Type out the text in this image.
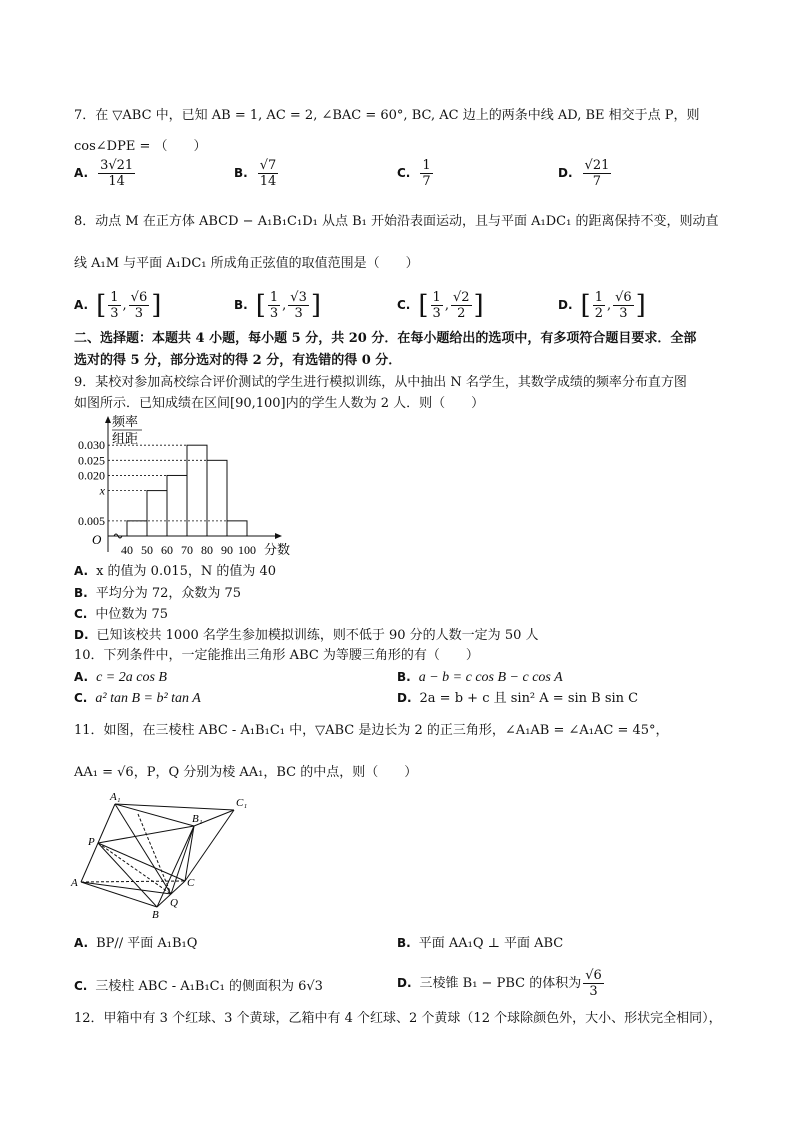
7．在 ▽ABC 中，已知 AB = 1, AC = 2, ∠BAC = 60°, BC, AC 边上的两条中线 AD, BE 相交于点 P，则
cos∠DPE = （　　）
A. $\frac{3√21}{14}$	B. $\frac{√7}{14}$	C. $\frac{1}{7}$	D. $\frac{√21}{7}$
8．动点 M 在正方体 ABCD − A₁B₁C₁D₁ 从点 B₁ 开始沿表面运动，且与平面 A₁DC₁ 的距离保持不变，则动直
线 A₁M 与平面 A₁DC₁ 所成角正弦值的取值范围是（　　）
A. [ $\frac{1}{3}$ , $\frac{√6}{3}$ ]	B. [ $\frac{1}{3}$ , $\frac{√3}{3}$ ]	C. [ $\frac{1}{3}$ , $\frac{√2}{2}$ ]	D. [ $\frac{1}{2}$ , $\frac{√6}{3}$ ]
二、选择题：本题共 4 小题，每小题 5 分，共 20 分．在每小题给出的选项中，有多项符合题目要求．全部
选对的得 5 分，部分选对的得 2 分，有选错的得 0 分．
9．某校对参加高校综合评价测试的学生进行模拟训练，从中抽出 N 名学生，其数学成绩的频率分布直方图
如图所示．已知成绩在区间[90,100]内的学生人数为 2 人．则（　　）
频率
组距
O
分数
0.030
0.025
0.020
x
0.005
40 50 60 70 80 90 100
A. x 的值为 0.015，N 的值为 40
B. 平均分为 72，众数为 75
C. 中位数为 75
D. 已知该校共 1000 名学生参加模拟训练，则不低于 90 分的人数一定为 50 人
10．下列条件中，一定能推出三角形 ABC 为等腰三角形的有（　　）
A. c = 2a cos B	B. a − b = c cos B − c cos A
C. a² tan B = b² tan A	D. 2a = b + c 且 sin² A = sin B sin C
11．如图，在三棱柱 ABC - A₁B₁C₁ 中，▽ABC 是边长为 2 的正三角形，∠A₁AB = ∠A₁AC = 45°，
AA₁ = √6，P，Q 分别为棱 AA₁，BC 的中点，则（　　）
A₁	C₁
B₁
P
A	C
Q
B
A. BP// 平面 A₁B₁Q	B. 平面 AA₁Q ⊥ 平面 ABC
C. 三棱柱 ABC - A₁B₁C₁ 的侧面积为 6√3	D. 三棱锥 B₁ − PBC 的体积为 $\frac{√6}{3}$
12．甲箱中有 3 个红球、3 个黄球，乙箱中有 4 个红球、2 个黄球（12 个球除颜色外，大小、形状完全相同），
